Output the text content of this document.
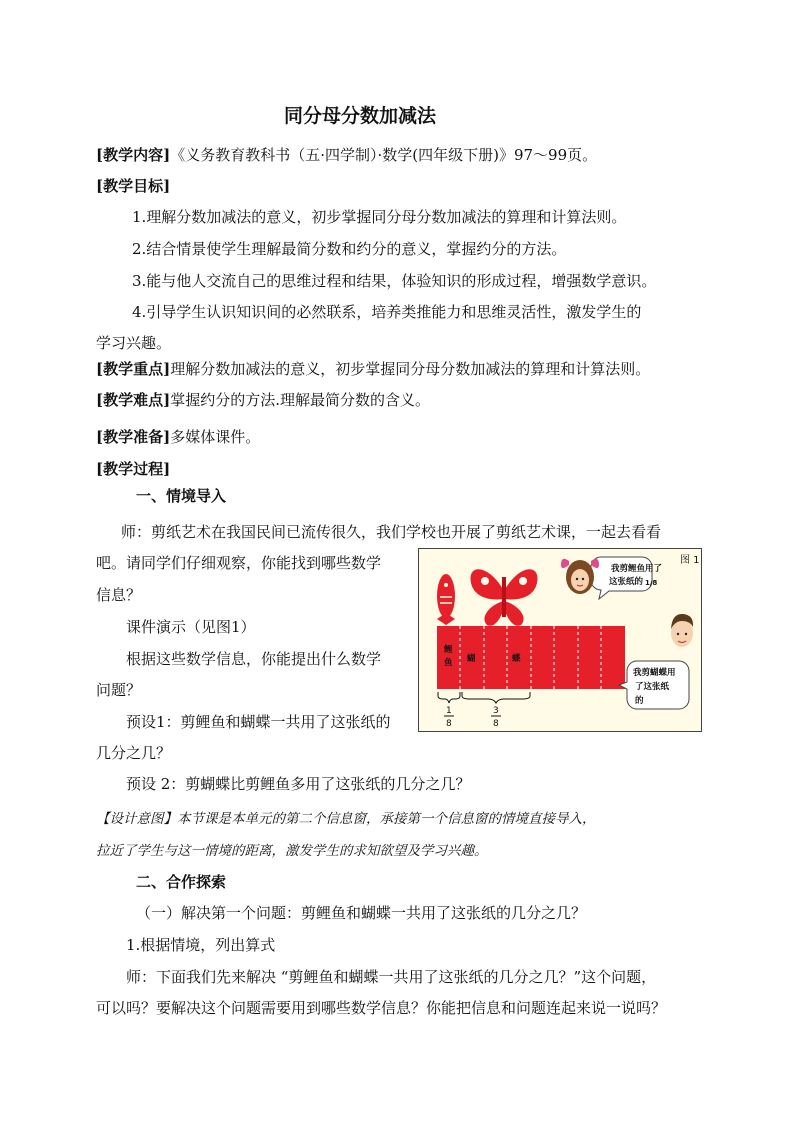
同分母分数加减法
[教学内容]《义务教育教科书（五·四学制）·数学(四年级下册)》97～99页。
[教学目标]
1.理解分数加减法的意义，初步掌握同分母分数加减法的算理和计算法则。
2.结合情景使学生理解最简分数和约分的意义，掌握约分的方法。
3.能与他人交流自己的思维过程和结果，体验知识的形成过程，增强数学意识。
4.引导学生认识知识间的必然联系，培养类推能力和思维灵活性，激发学生的
学习兴趣。
[教学重点]理解分数加减法的意义，初步掌握同分母分数加减法的算理和计算法则。
[教学难点]掌握约分的方法.理解最简分数的含义。
[教学准备]多媒体课件。
[教学过程]
一、情境导入
师：剪纸艺术在我国民间已流传很久，我们学校也开展了剪纸艺术课，一起去看看
吧。请同学们仔细观察，你能找到哪些数学
信息？
课件演示（见图1）
根据这些数学信息，你能提出什么数学
问题？
预设1：剪鲤鱼和蝴蝶一共用了这张纸的
几分之几？
预设 2：剪蝴蝶比剪鲤鱼多用了这张纸的几分之几？
【设计意图】本节课是本单元的第二个信息窗，承接第一个信息窗的情境直接导入，
拉近了学生与这一情境的距离，激发学生的求知欲望及学习兴趣。
二、合作探索
（一）解决第一个问题：剪鲤鱼和蝴蝶一共用了这张纸的几分之几？
1.根据情境，列出算式
师：下面我们先来解决 “剪鲤鱼和蝴蝶一共用了这张纸的几分之几？”这个问题，
可以吗？要解决这个问题需要用到哪些数学信息？你能把信息和问题连起来说一说吗？
图 1
我剪鲤鱼用了
这张纸的 1/8
我剪蝴蝶用
了这张纸
的
鲤
鱼 蝴	蝶
1
8
3
8
